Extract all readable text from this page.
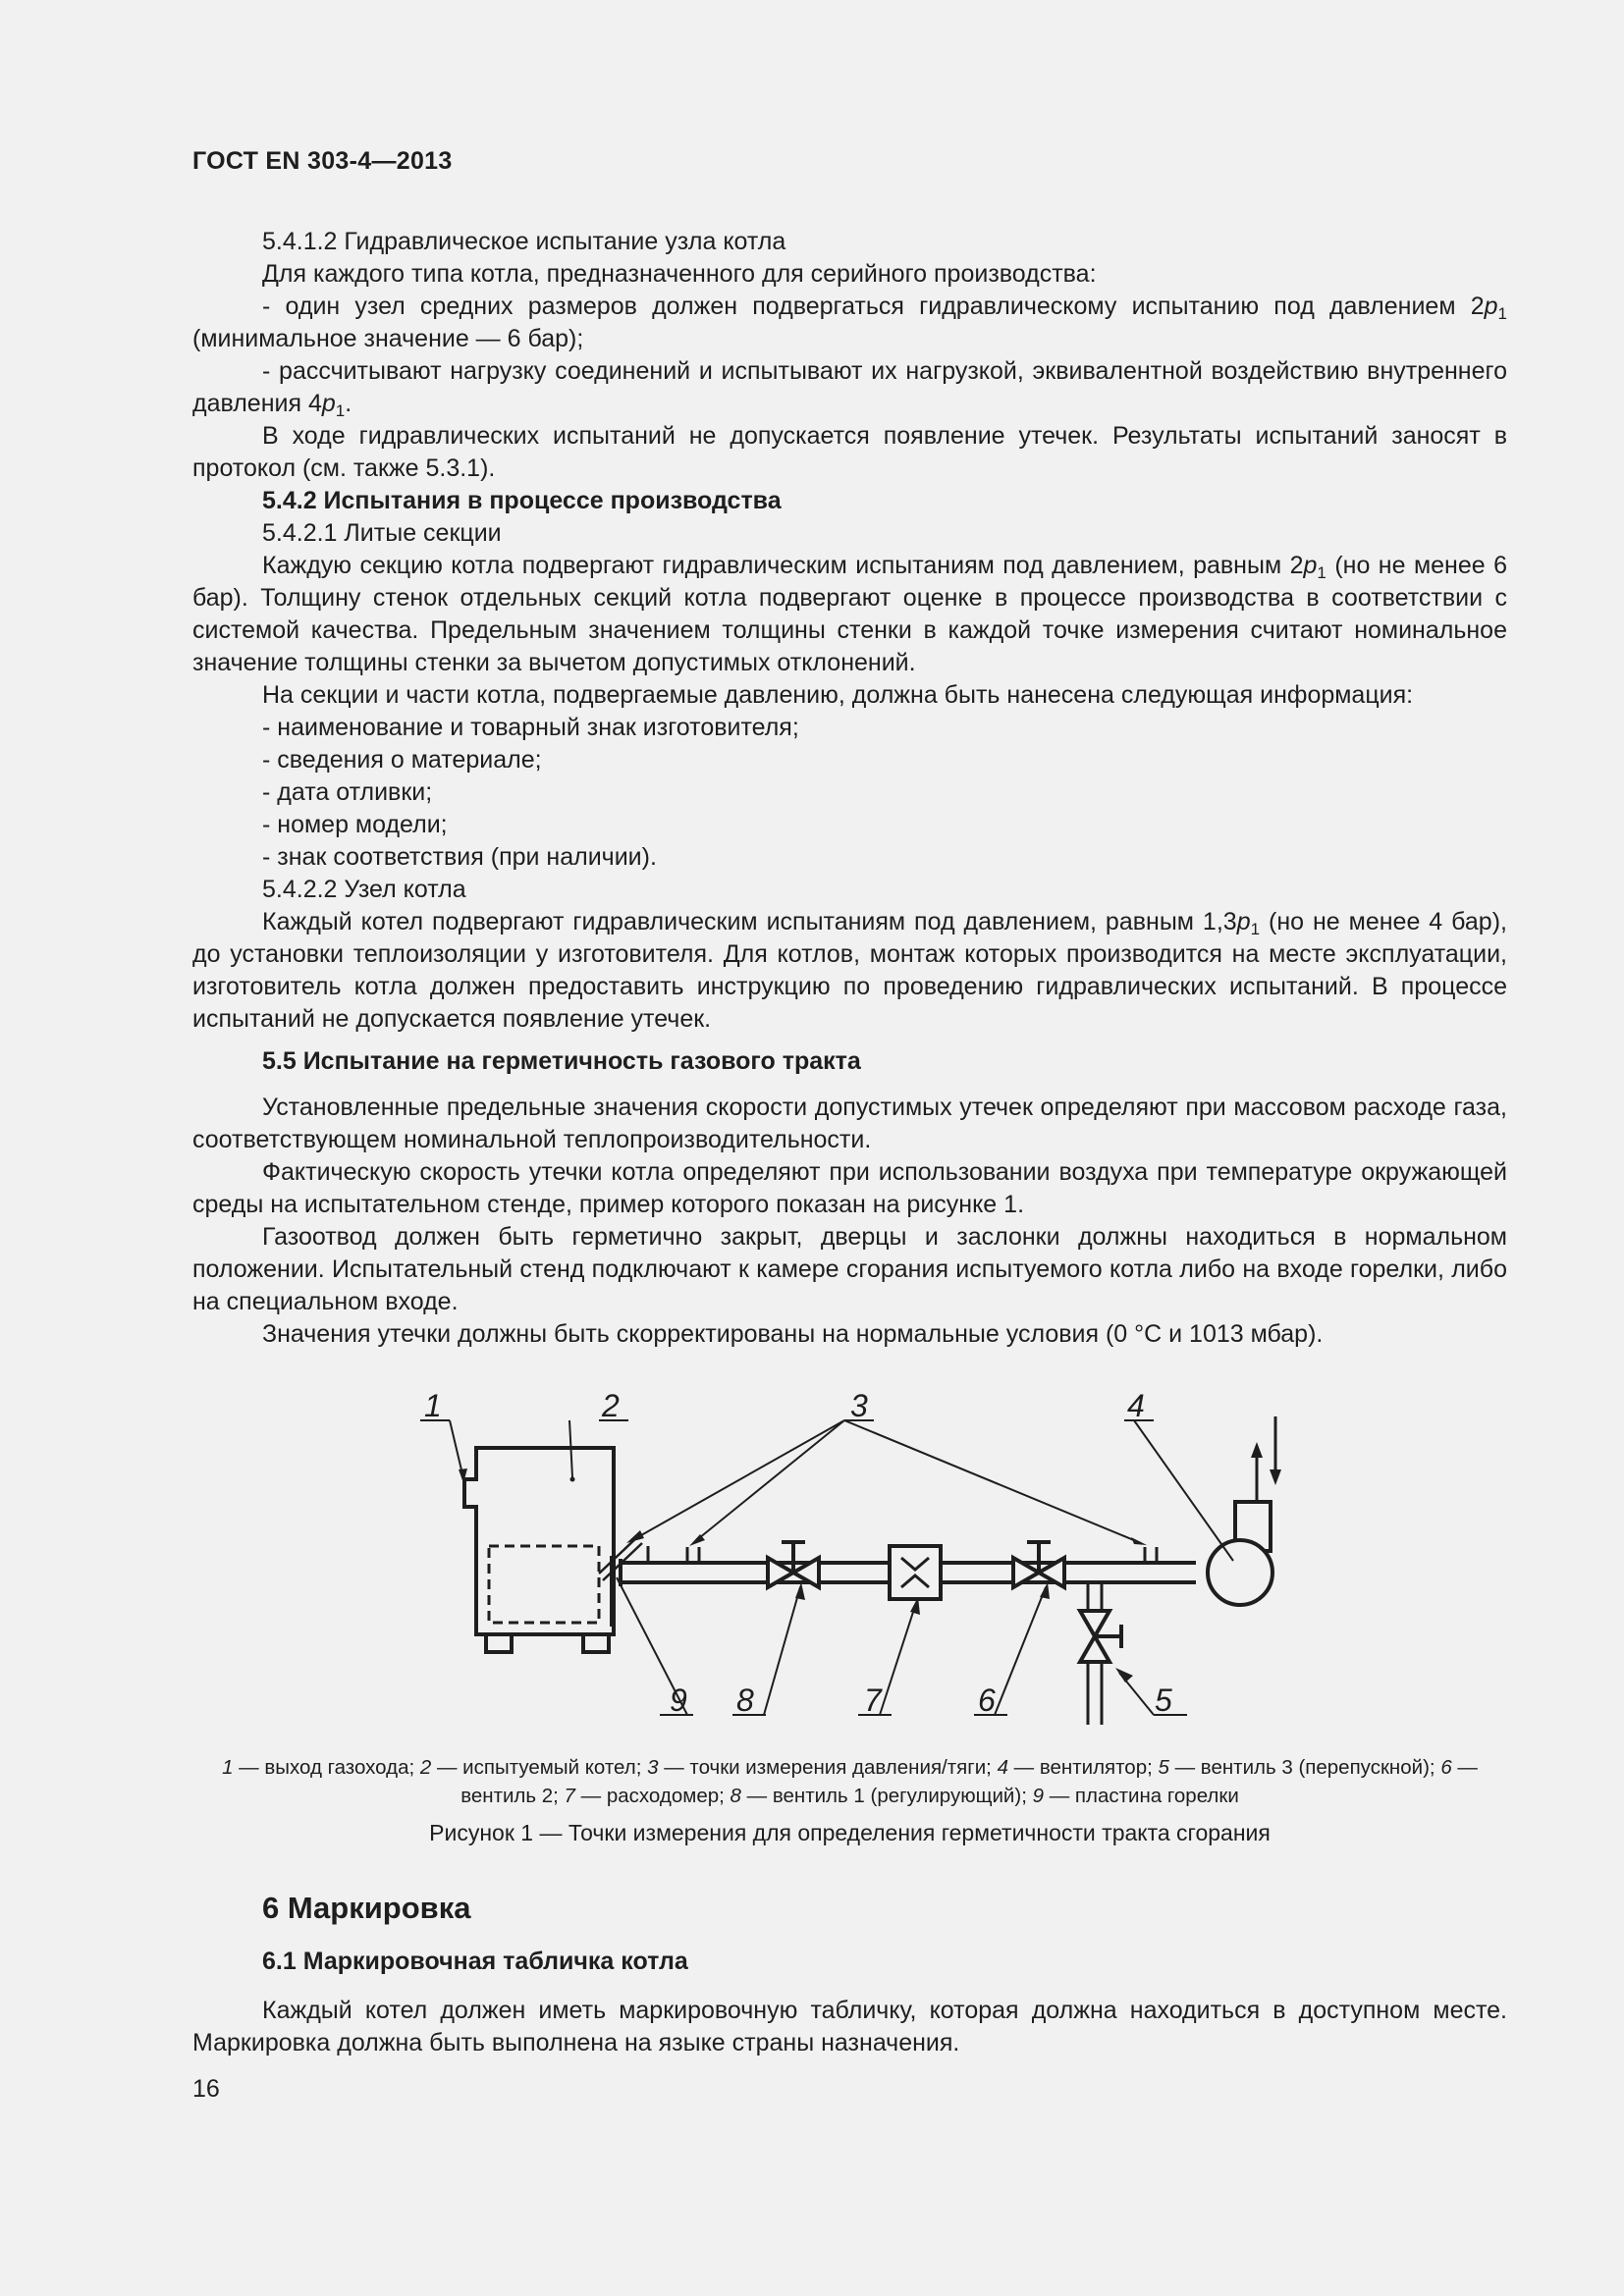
ГОСТ EN 303-4—2013

5.4.1.2 Гидравлическое испытание узла котла

Для каждого типа котла, предназначенного для серийного производства:

- один узел средних размеров должен подвергаться гидравлическому испытанию под давлением $2p_1$ (минимальное значение — 6 бар);

- рассчитывают нагрузку соединений и испытывают их нагрузкой, эквивалентной воздействию внутреннего давления $4p_1$.

В ходе гидравлических испытаний не допускается появление утечек. Результаты испытаний заносят в протокол (см. также 5.3.1).

5.4.2 Испытания в процессе производства

5.4.2.1 Литые секции

Каждую секцию котла подвергают гидравлическим испытаниям под давлением, равным $2p_1$ (но не менее 6 бар). Толщину стенок отдельных секций котла подвергают оценке в процессе производства в соответствии с системой качества. Предельным значением толщины стенки в каждой точке измерения считают номинальное значение толщины стенки за вычетом допустимых отклонений.

На секции и части котла, подвергаемые давлению, должна быть нанесена следующая информация:

- наименование и товарный знак изготовителя;

- сведения о материале;

- дата отливки;

- номер модели;

- знак соответствия (при наличии).

5.4.2.2 Узел котла

Каждый котел подвергают гидравлическим испытаниям под давлением, равным $1,3p_1$ (но не менее 4 бар), до установки теплоизоляции у изготовителя. Для котлов, монтаж которых производится на месте эксплуатации, изготовитель котла должен предоставить инструкцию по проведению гидравлических испытаний. В процессе испытаний не допускается появление утечек.

5.5 Испытание на герметичность газового тракта

Установленные предельные значения скорости допустимых утечек определяют при массовом расходе газа, соответствующем номинальной теплопроизводительности.

Фактическую скорость утечки котла определяют при использовании воздуха при температуре окружающей среды на испытательном стенде, пример которого показан на рисунке 1.

Газоотвод должен быть герметично закрыт, дверцы и заслонки должны находиться в нормальном положении. Испытательный стенд подключают к камере сгорания испытуемого котла либо на входе горелки, либо на специальном входе.

Значения утечки должны быть скорректированы на нормальные условия (0 °С и 1013 мбар).

1	2	3	4
5
6
7
8
9
1 — выход газохода; 2 — испытуемый котел; 3 — точки измерения давления/тяги; 4 — вентилятор; 5 — вентиль 3 (перепускной); 6 — вентиль 2; 7 — расходомер; 8 — вентиль 1 (регулирующий); 9 — пластина горелки
Рисунок 1 — Точки измерения для определения герметичности тракта сгорания
6 Маркировка
6.1 Маркировочная табличка котла

Каждый котел должен иметь маркировочную табличку, которая должна находиться в доступном месте. Маркировка должна быть выполнена на языке страны назначения.

16
